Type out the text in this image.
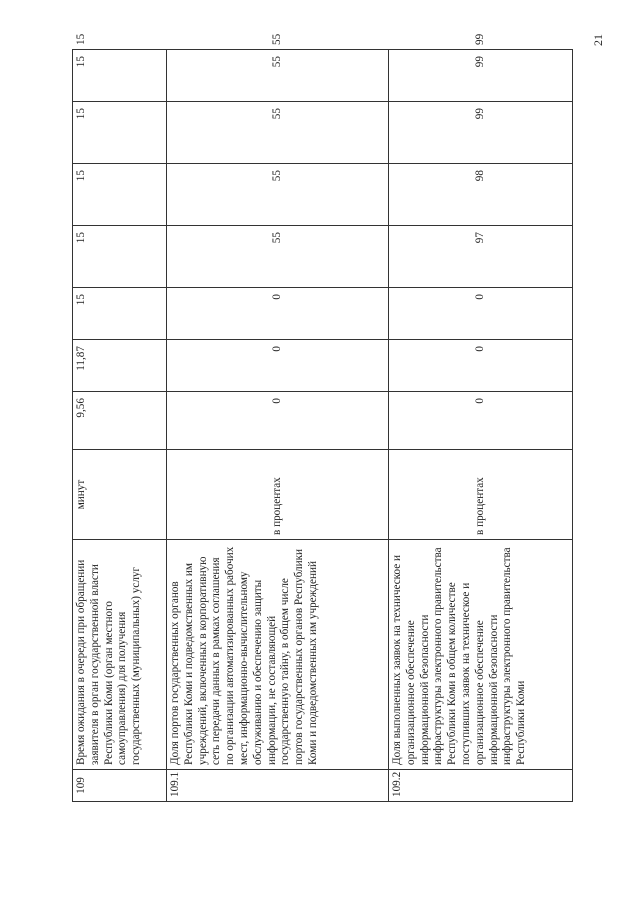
21
109	Время ожидания в очереди при обращении заявителя в орган государственной власти Республики Коми (орган местного самоуправления) для получения государственных (муниципальных) услуг	минут	9,56	11,87	15	15	15	15	15	15
109.1	Доля портов государственных органов Республики Коми и подведомственных им учреждений, включенных в корпоративную сеть передачи данных в рамках соглашения по организации автоматизированных рабочих мест, информационно-вычислительному обслуживанию и обеспечению защиты информации, не составляющей государственную тайну, в общем числе портов государственных органов Республики Коми и подведомственных им учреждений	в процентах	0	0	0	55	55	55	55	55
109.2	Доля выполненных заявок на техническое и организационное обеспечение информационной безопасности инфраструктуры электронного правительства Республики Коми в общем количестве поступивших заявок на техническое и организационное обеспечение информационной безопасности инфраструктуры электронного правительства Республики Коми	в процентах	0	0	0	97	98	99	99	99
